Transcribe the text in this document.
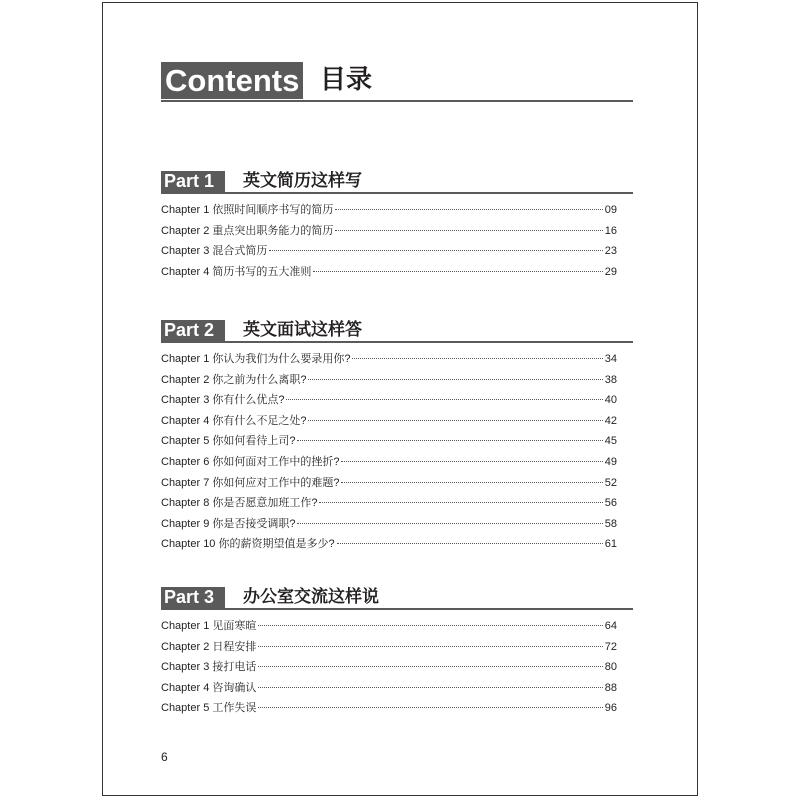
Contents 目录
Part 1	英文简历这样写
Chapter 1 依照时间顺序书写的简历	09
Chapter 2 重点突出职务能力的简历	16
Chapter 3 混合式简历	23
Chapter 4 简历书写的五大准则	29
Part 2	英文面试这样答
Chapter 1 你认为我们为什么要录用你?	34
Chapter 2 你之前为什么离职?	38
Chapter 3 你有什么优点?	40
Chapter 4 你有什么不足之处?	42
Chapter 5 你如何看待上司?	45
Chapter 6 你如何面对工作中的挫折?	49
Chapter 7 你如何应对工作中的难题?	52
Chapter 8 你是否愿意加班工作?	56
Chapter 9 你是否接受调职?	58
Chapter 10 你的薪资期望值是多少?	61
Part 3	办公室交流这样说
Chapter 1 见面寒暄	64
Chapter 2 日程安排	72
Chapter 3 接打电话	80
Chapter 4 咨询确认	88
Chapter 5 工作失误	96
6
